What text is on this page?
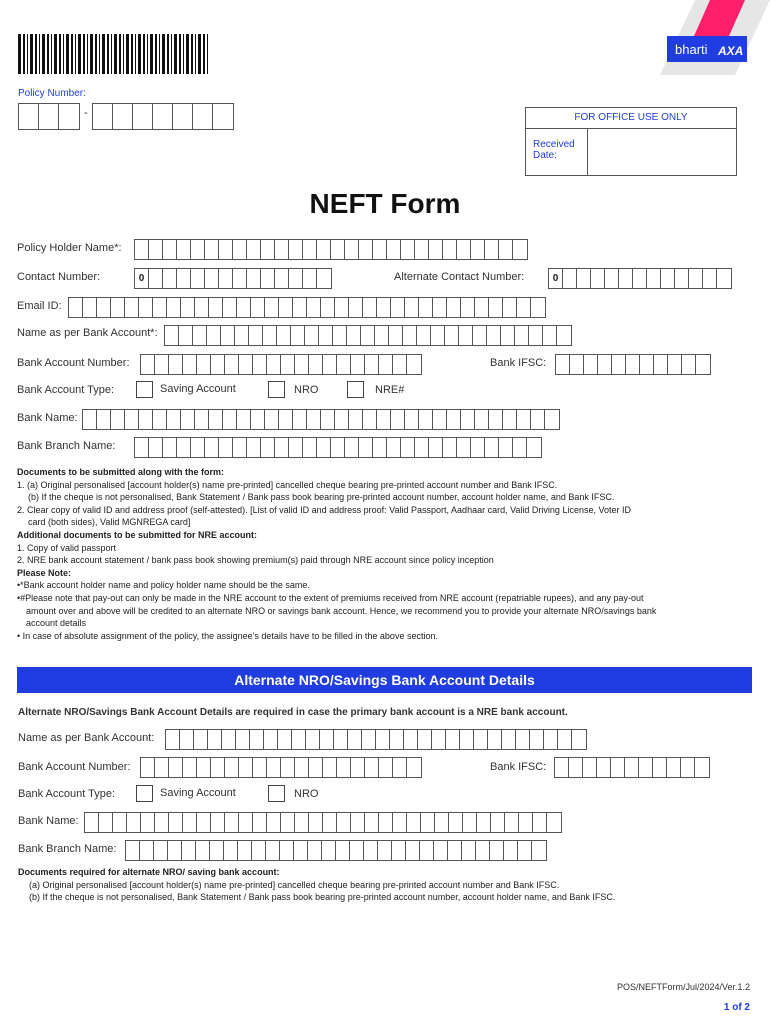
bharti AXA
Policy Number:
-	FOR OFFICE USE ONLY
Received
Date:
NEFT Form
Policy Holder Name*:
Contact Number:	0	Alternate Contact Number:	0
Email ID:
Name as per Bank Account*:
Bank Account Number:	Bank IFSC:
Bank Account Type:	Saving Account	NRO	NRE#
Bank Name:
Bank Branch Name:
Documents to be submitted along with the form:
1. (a) Original personalised [account holder(s) name pre-printed] cancelled cheque bearing pre-printed account number and Bank IFSC.
(b) If the cheque is not personalised, Bank Statement / Bank pass book bearing pre-printed account number, account holder name, and Bank IFSC.
2. Clear copy of valid ID and address proof (self-attested). [List of valid ID and address proof: Valid Passport, Aadhaar card, Valid Driving License, Voter ID
card (both sides), Valid MGNREGA card]
Additional documents to be submitted for NRE account:
1. Copy of valid passport
2. NRE bank account statement / bank pass book showing premium(s) paid through NRE account since policy inception
Please Note:
•*Bank account holder name and policy holder name should be the same.
•#Please note that pay-out can only be made in the NRE account to the extent of premiums received from NRE account (repatriable rupees), and any pay-out
amount over and above will be credited to an alternate NRO or savings bank account. Hence, we recommend you to provide your alternate NRO/savings bank
account details
• In case of absolute assignment of the policy, the assignee's details have to be filled in the above section.
Alternate NRO/Savings Bank Account Details
Alternate NRO/Savings Bank Account Details are required in case the primary bank account is a NRE bank account.
Name as per Bank Account:
Bank Account Number:	Bank IFSC:
Bank Account Type:	Saving Account	NRO
Bank Name:
Bank Branch Name:
Documents required for alternate NRO/ saving bank account:
(a) Original personalised [account holder(s) name pre-printed] cancelled cheque bearing pre-printed account number and Bank IFSC.
(b) If the cheque is not personalised, Bank Statement / Bank pass book bearing pre-printed account number, account holder name, and Bank IFSC.
POS/NEFTForm/Jul/2024/Ver.1.2
1 of 2
